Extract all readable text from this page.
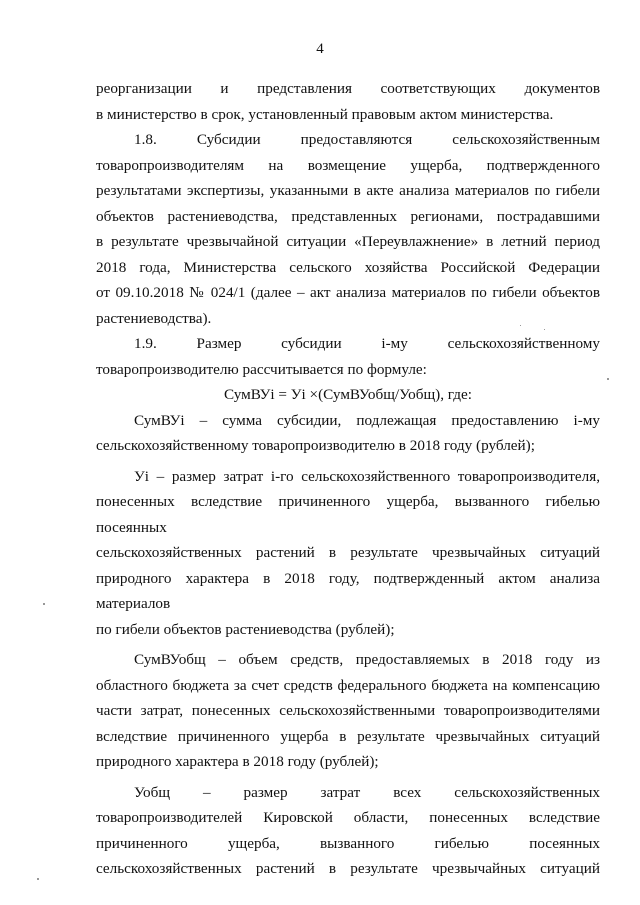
4

реорганизации и представления соответствующих документов

в министерство в срок, установленный правовым актом министерства.

1.8. Субсидии предоставляются сельскохозяйственным

товаропроизводителям на возмещение ущерба, подтвержденного

результатами экспертизы, указанными в акте анализа материалов по гибели

объектов растениеводства, представленных регионами, пострадавшими

в результате чрезвычайной ситуации «Переувлажнение» в летний период

2018 года, Министерства сельского хозяйства Российской Федерации

от 09.10.2018 № 024/1 (далее – акт анализа материалов по гибели объектов

растениеводства).

1.9. Размер субсидии i-му сельскохозяйственному

товаропроизводителю рассчитывается по формуле:

СумВУi = Уi ×(СумВУобщ/Уобщ), где:

СумВУi – сумма субсидии, подлежащая предоставлению i-му

сельскохозяйственному товаропроизводителю в 2018 году (рублей);

Уi – размер затрат i-го сельскохозяйственного товаропроизводителя,

понесенных вследствие причиненного ущерба, вызванного гибелью посеянных

сельскохозяйственных растений в результате чрезвычайных ситуаций

природного характера в 2018 году, подтвержденный актом анализа материалов

по гибели объектов растениеводства (рублей);

СумВУобщ – объем средств, предоставляемых в 2018 году из

областного бюджета за счет средств федерального бюджета на компенсацию

части затрат, понесенных сельскохозяйственными товаропроизводителями

вследствие причиненного ущерба в результате чрезвычайных ситуаций

природного характера в 2018 году (рублей);

Уобщ – размер затрат всех сельскохозяйственных

товаропроизводителей Кировской области, понесенных вследствие

причиненного ущерба, вызванного гибелью посеянных

сельскохозяйственных растений в результате чрезвычайных ситуаций
